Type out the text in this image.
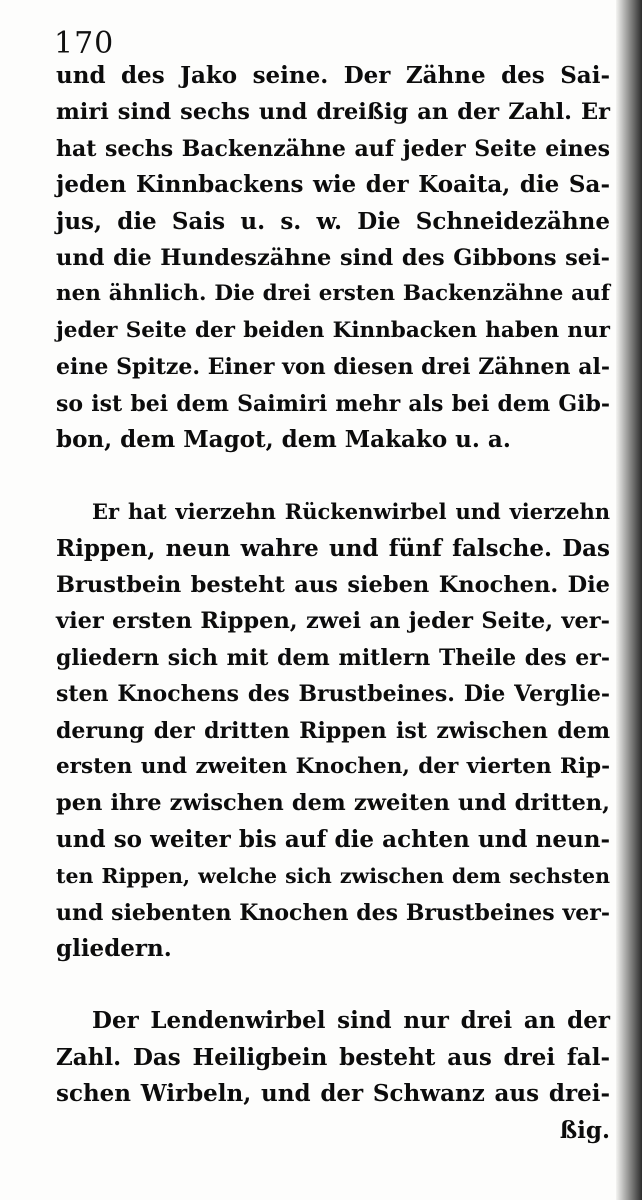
170
und des Jako seine. Der Zähne des Sai-
miri sind sechs und dreißig an der Zahl. Er
hat sechs Backenzähne auf jeder Seite eines
jeden Kinnbackens wie der Koaita, die Sa-
jus, die Sais u. s. w. Die Schneidezähne
und die Hundeszähne sind des Gibbons sei-
nen ähnlich. Die drei ersten Backenzähne auf
jeder Seite der beiden Kinnbacken haben nur
eine Spitze. Einer von diesen drei Zähnen al-
so ist bei dem Saimiri mehr als bei dem Gib-
bon, dem Magot, dem Makako u. a.
Er hat vierzehn Rückenwirbel und vierzehn
Rippen, neun wahre und fünf falsche. Das
Brustbein besteht aus sieben Knochen. Die
vier ersten Rippen, zwei an jeder Seite, ver-
gliedern sich mit dem mitlern Theile des er-
sten Knochens des Brustbeines. Die Verglie-
derung der dritten Rippen ist zwischen dem
ersten und zweiten Knochen, der vierten Rip-
pen ihre zwischen dem zweiten und dritten,
und so weiter bis auf die achten und neun-
ten Rippen, welche sich zwischen dem sechsten
und siebenten Knochen des Brustbeines ver-
gliedern.
Der Lendenwirbel sind nur drei an der
Zahl. Das Heiligbein besteht aus drei fal-
schen Wirbeln, und der Schwanz aus drei-
ßig.
